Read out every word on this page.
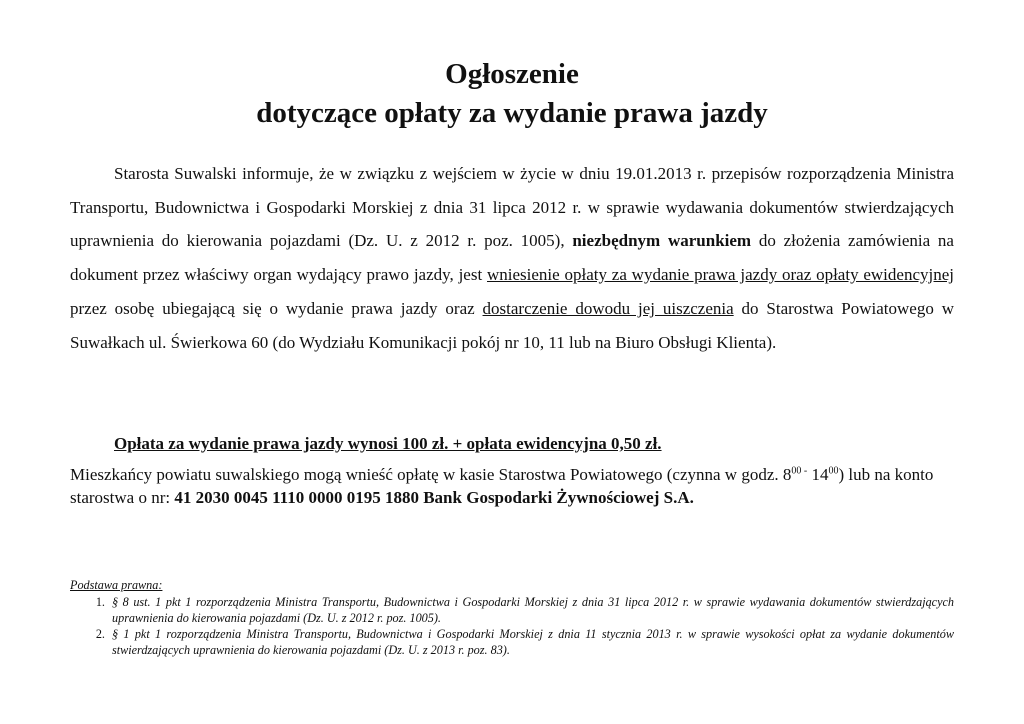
Ogłoszenie
dotyczące opłaty za wydanie prawa jazdy

Starosta Suwalski informuje, że w związku z wejściem w życie w dniu 19.01.2013 r. przepisów rozporządzenia Ministra Transportu, Budownictwa i Gospodarki Morskiej z dnia 31 lipca 2012 r. w sprawie wydawania dokumentów stwierdzających uprawnienia do kierowania pojazdami (Dz. U. z 2012 r. poz. 1005), niezbędnym warunkiem do złożenia zamówienia na dokument przez właściwy organ wydający prawo jazdy, jest wniesienie opłaty za wydanie prawa jazdy oraz opłaty ewidencyjnej przez osobę ubiegającą się o wydanie prawa jazdy oraz dostarczenie dowodu jej uiszczenia do Starostwa Powiatowego w Suwałkach ul. Świerkowa 60 (do Wydziału Komunikacji pokój nr 10, 11 lub na Biuro Obsługi Klienta).

Opłata za wydanie prawa jazdy wynosi 100 zł. + opłata ewidencyjna 0,50 zł.

Mieszkańcy powiatu suwalskiego mogą wnieść opłatę w kasie Starostwa Powiatowego (czynna w godz. $8^{00 -}$ $14^{00}$) lub na konto starostwa o nr: 41 2030 0045 1110 0000 0195 1880 Bank Gospodarki Żywnościowej S.A.

Podstawa prawna:

1. § 8 ust. 1 pkt 1 rozporządzenia Ministra Transportu, Budownictwa i Gospodarki Morskiej z dnia 31 lipca 2012 r. w sprawie wydawania dokumentów stwierdzających uprawnienia do kierowania pojazdami (Dz. U. z 2012 r. poz. 1005).
2. § 1 pkt 1 rozporządzenia Ministra Transportu, Budownictwa i Gospodarki Morskiej z dnia 11 stycznia 2013 r. w sprawie wysokości opłat za wydanie dokumentów stwierdzających uprawnienia do kierowania pojazdami (Dz. U. z 2013 r. poz. 83).
